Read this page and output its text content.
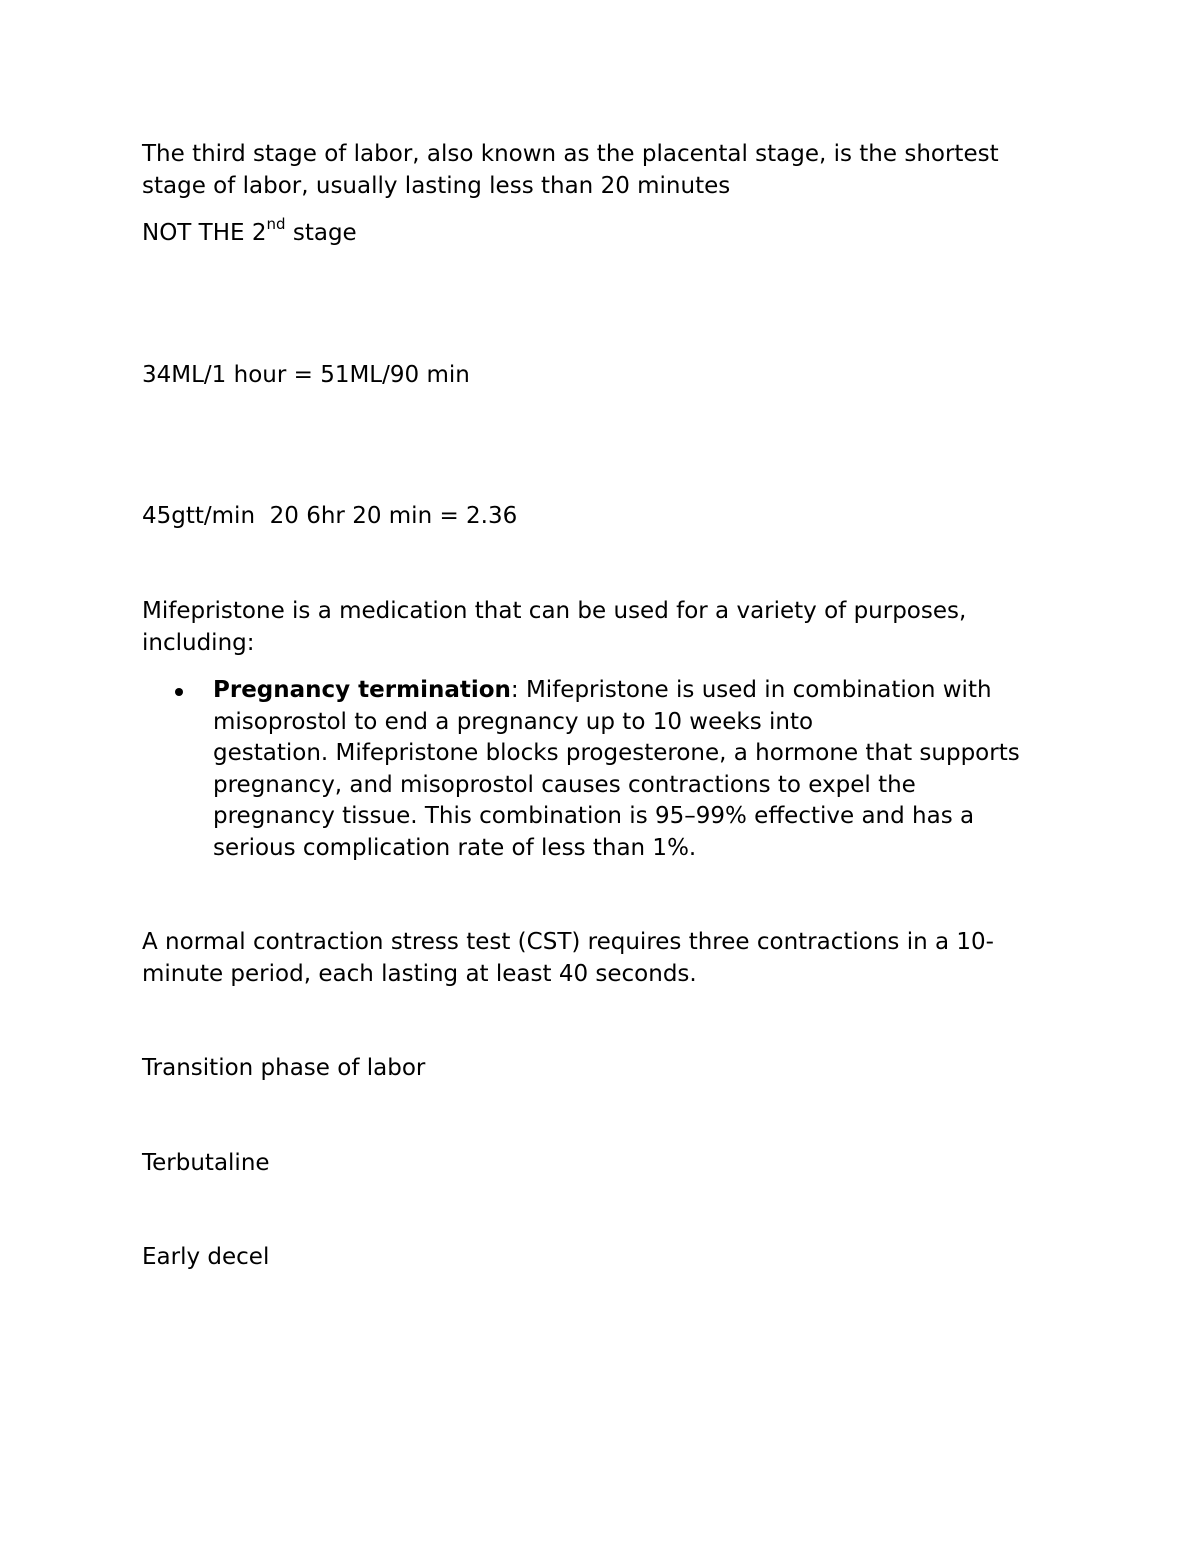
The third stage of labor, also known as the placental stage, is the shortest
stage of labor, usually lasting less than 20 minutes

NOT THE 2nd stage

34ML/1 hour = 51ML/90 min

45gtt/min  20 6hr 20 min = 2.36

Mifepristone is a medication that can be used for a variety of purposes,
including:

Pregnancy termination: Mifepristone is used in combination with
misoprostol to end a pregnancy up to 10 weeks into
gestation. Mifepristone blocks progesterone, a hormone that supports
pregnancy, and misoprostol causes contractions to expel the
pregnancy tissue. This combination is 95–99% effective and has a
serious complication rate of less than 1%.

A normal contraction stress test (CST) requires three contractions in a 10-
minute period, each lasting at least 40 seconds.

Transition phase of labor

Terbutaline

Early decel
